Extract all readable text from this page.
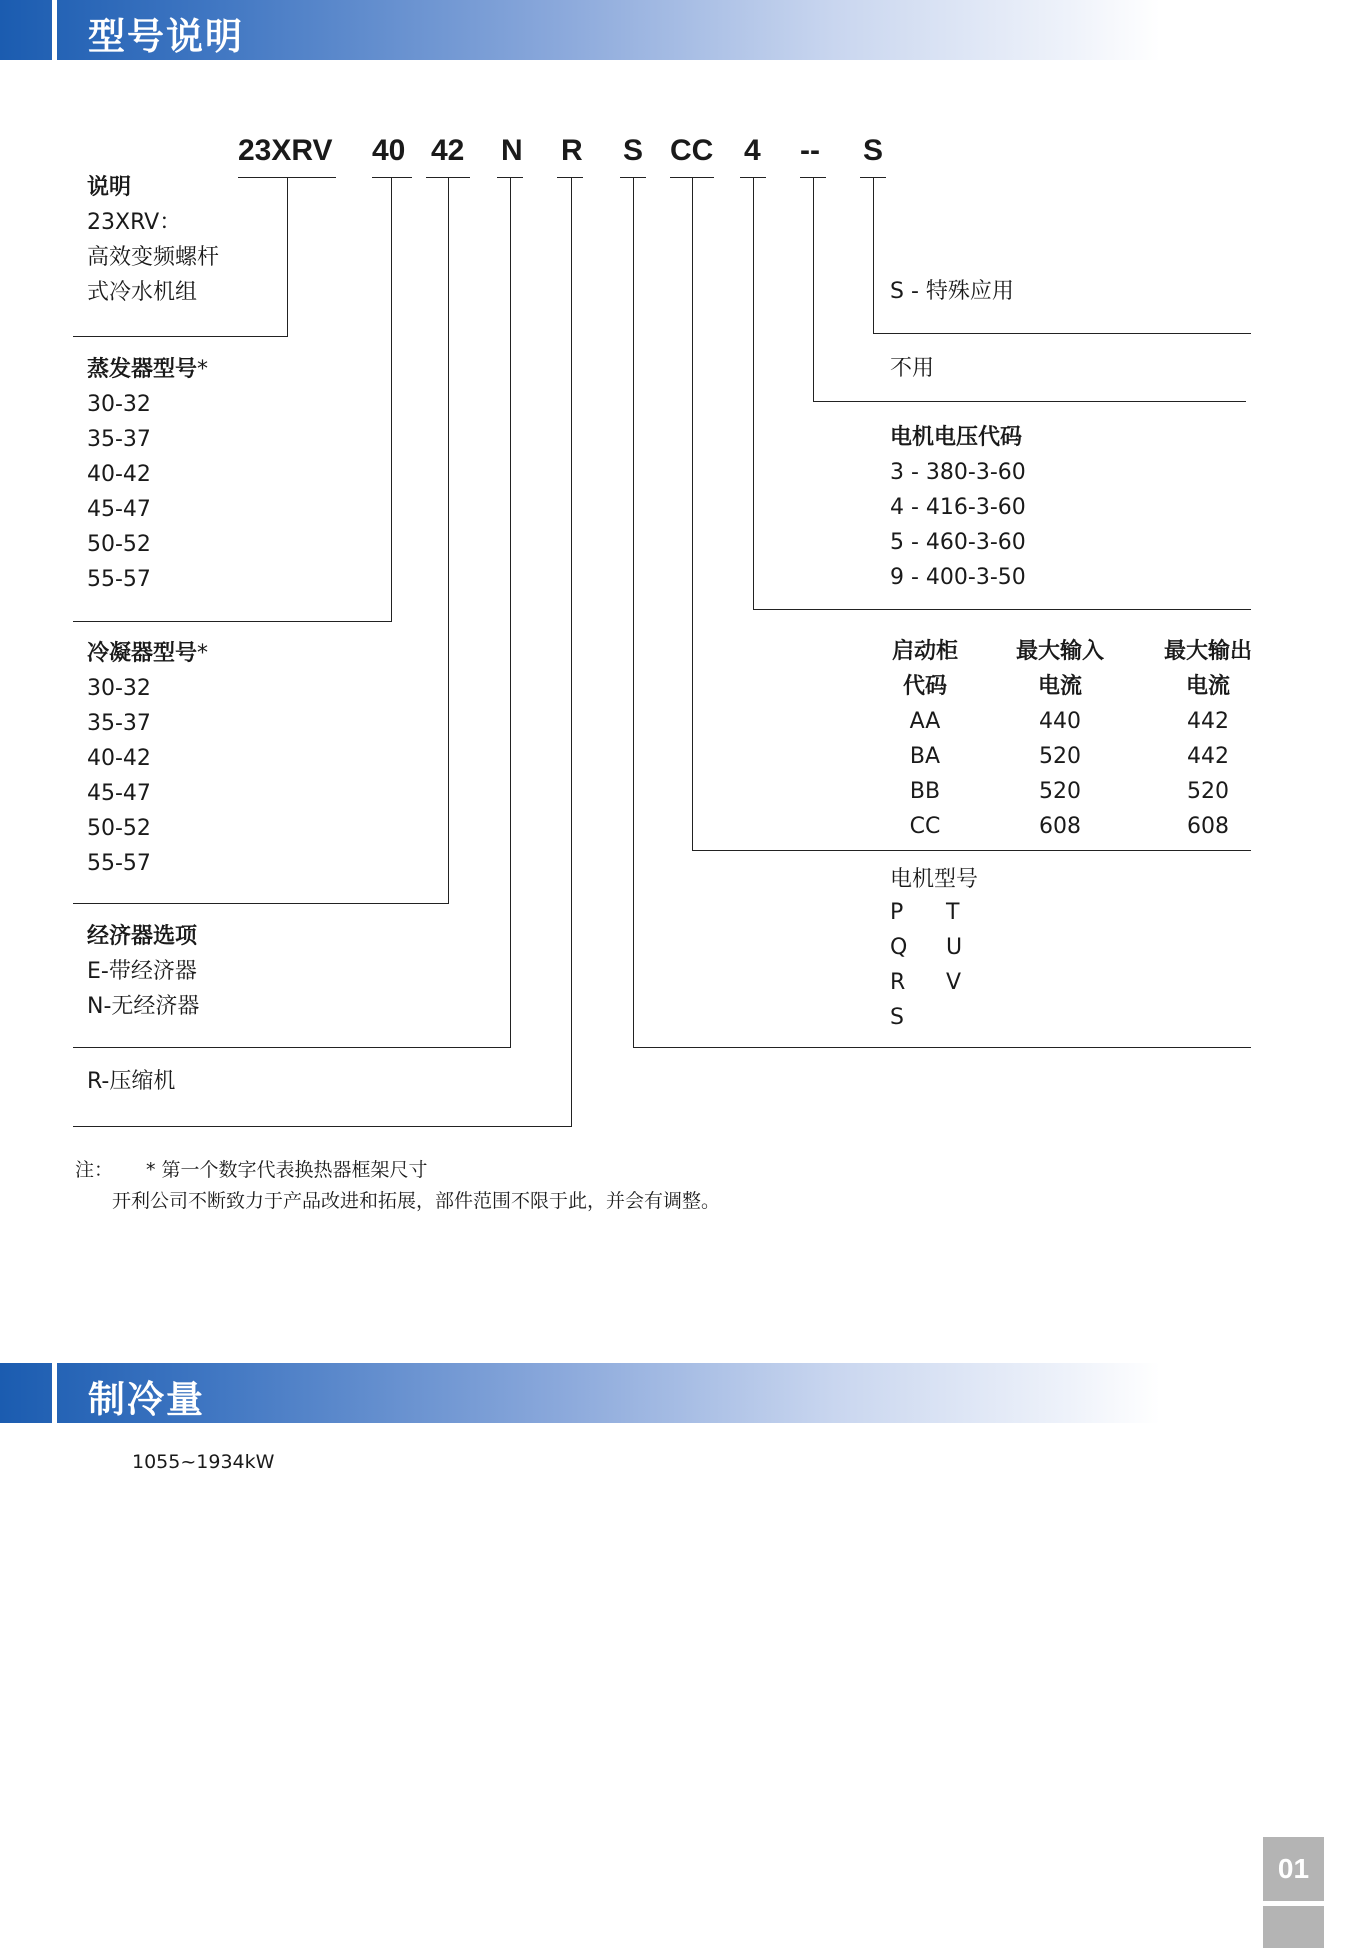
型号说明
23XRV 40 42 N R S CC 4 -- S
说明
23XRV：
高效变频螺杆
式冷水机组
蒸发器型号*
30-32
35-37
40-42
45-47
50-52
55-57
冷凝器型号*
30-32
35-37
40-42
45-47
50-52
55-57
经济器选项
E-带经济器
N-无经济器
R-压缩机
S - 特殊应用
不用
电机电压代码
3 - 380-3-60
4 - 416-3-60
5 - 460-3-60
9 - 400-3-50
启动柜
代码
AA
BA
BB
CC
最大输入
电流
440
520
520
608
最大输出
电流
442
442
520
608
电机型号
P
Q
R
S
T
U
V
注： * 第一个数字代表换热器框架尺寸
开利公司不断致力于产品改进和拓展，部件范围不限于此，并会有调整。
制冷量
1055~1934kW
01
